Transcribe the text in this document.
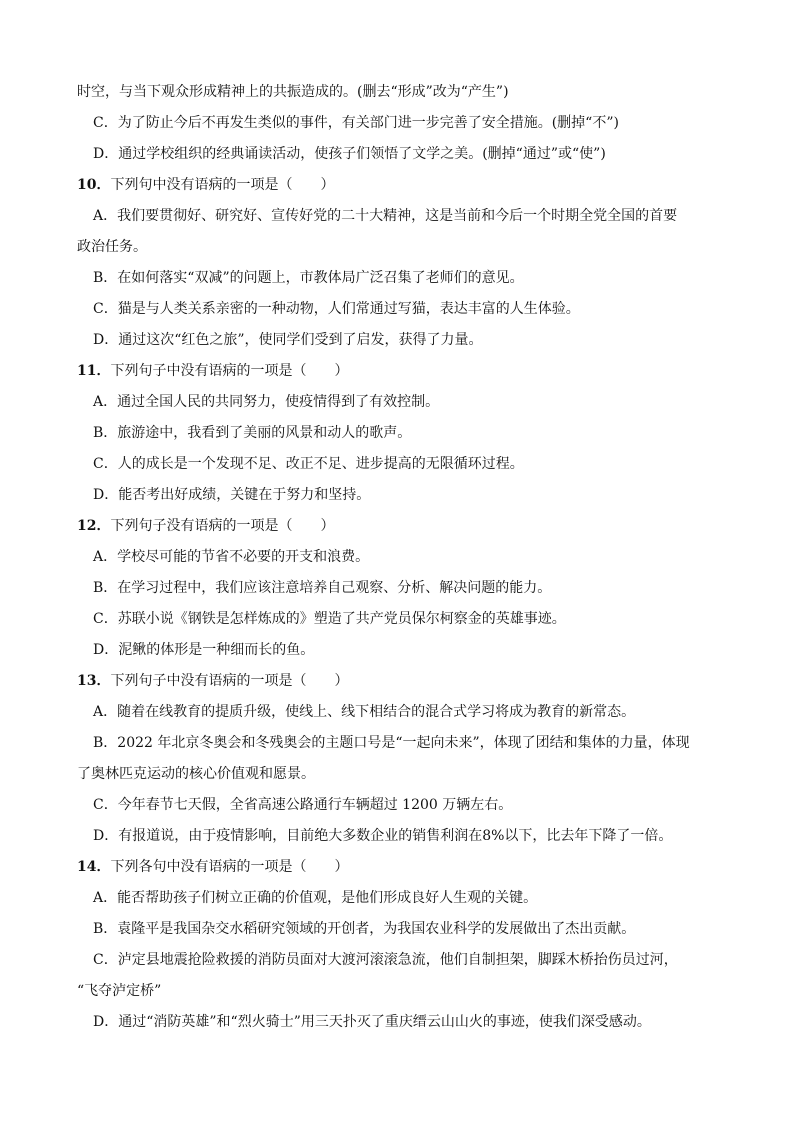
时空，与当下观众形成精神上的共振造成的。(删去“形成”改为“产生”)
C．为了防止今后不再发生类似的事件，有关部门进一步完善了安全措施。(删掉“不”)
D．通过学校组织的经典诵读活动，使孩子们领悟了文学之美。(删掉“通过”或“使”)
10．下列句中没有语病的一项是（　　）
A．我们要贯彻好、研究好、宣传好党的二十大精神，这是当前和今后一个时期全党全国的首要
政治任务。
B．在如何落实“双减”的问题上，市教体局广泛召集了老师们的意见。
C．猫是与人类关系亲密的一种动物，人们常通过写猫，表达丰富的人生体验。
D．通过这次“红色之旅”，使同学们受到了启发，获得了力量。
11．下列句子中没有语病的一项是（　　）
A．通过全国人民的共同努力，使疫情得到了有效控制。
B．旅游途中，我看到了美丽的风景和动人的歌声。
C．人的成长是一个发现不足、改正不足、进步提高的无限循环过程。
D．能否考出好成绩，关键在于努力和坚持。
12．下列句子没有语病的一项是（　　）
A．学校尽可能的节省不必要的开支和浪费。
B．在学习过程中，我们应该注意培养自己观察、分析、解决问题的能力。
C．苏联小说《钢铁是怎样炼成的》塑造了共产党员保尔柯察金的英雄事迹。
D．泥鳅的体形是一种细而长的鱼。
13．下列句子中没有语病的一项是（　　）
A．随着在线教育的提质升级，使线上、线下相结合的混合式学习将成为教育的新常态。
B．2022 年北京冬奥会和冬残奥会的主题口号是“一起向未来”，体现了团结和集体的力量，体现
了奥林匹克运动的核心价值观和愿景。
C．今年春节七天假，全省高速公路通行车辆超过 1200 万辆左右。
D．有报道说，由于疫情影响，目前绝大多数企业的销售利润在8%以下，比去年下降了一倍。
14．下列各句中没有语病的一项是（　　）
A．能否帮助孩子们树立正确的价值观，是他们形成良好人生观的关键。
B．袁隆平是我国杂交水稻研究领域的开创者，为我国农业科学的发展做出了杰出贡献。
C．泸定县地震抢险救援的消防员面对大渡河滚滚急流，他们自制担架，脚踩木桥抬伤员过河，
“飞夺泸定桥”
D．通过“消防英雄”和“烈火骑士”用三天扑灭了重庆缙云山山火的事迹，使我们深受感动。
